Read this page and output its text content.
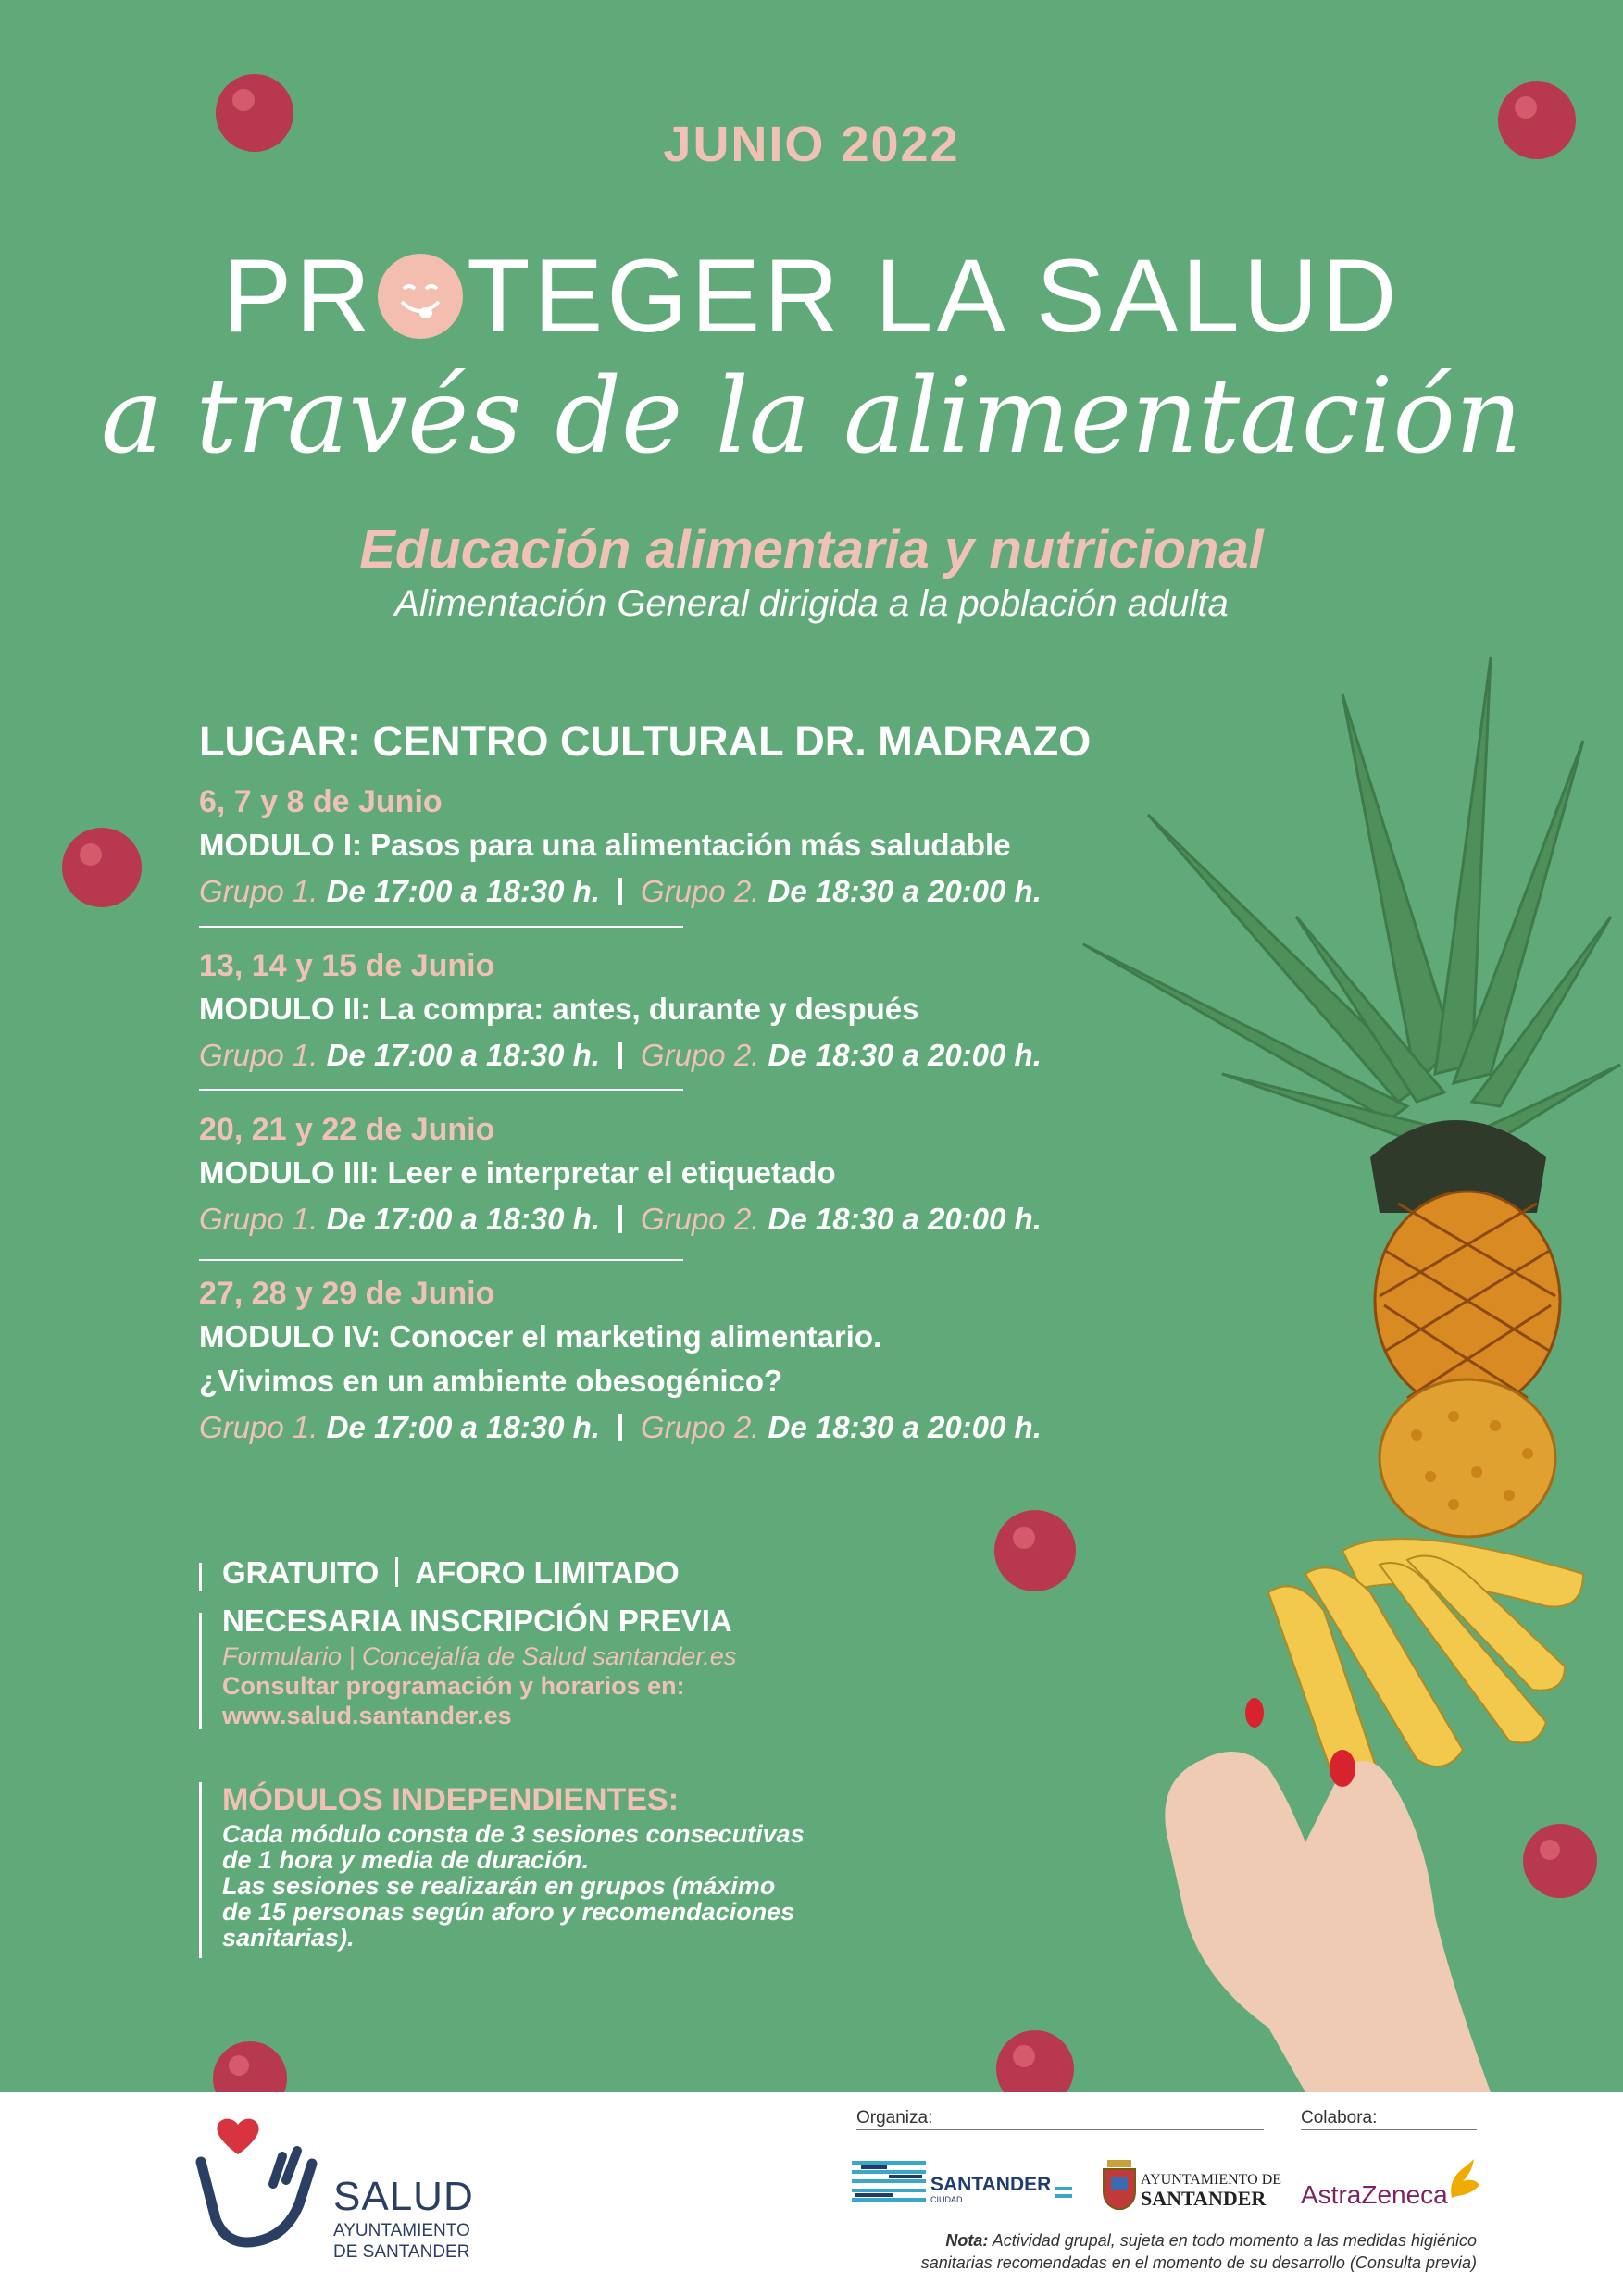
JUNIO 2022
PR TEGER LA SALUD
a través de la alimentación
Educación alimentaria y nutricional
Alimentación General dirigida a la población adulta
LUGAR: CENTRO CULTURAL DR. MADRAZO
6, 7 y 8 de Junio
MODULO I: Pasos para una alimentación más saludable
Grupo 1. De 17:00 a 18:30 h. Grupo 2. De 18:30 a 20:00 h.
13, 14 y 15 de Junio
MODULO II: La compra: antes, durante y después
Grupo 1. De 17:00 a 18:30 h. Grupo 2. De 18:30 a 20:00 h.
20, 21 y 22 de Junio
MODULO III: Leer e interpretar el etiquetado
Grupo 1. De 17:00 a 18:30 h. Grupo 2. De 18:30 a 20:00 h.
27, 28 y 29 de Junio
MODULO IV: Conocer el marketing alimentario.
¿Vivimos en un ambiente obesogénico?
Grupo 1. De 17:00 a 18:30 h. Grupo 2. De 18:30 a 20:00 h.
GRATUITO AFORO LIMITADO
NECESARIA INSCRIPCIÓN PREVIA
Formulario | Concejalía de Salud santander.es
Consultar programación y horarios en:
www.salud.santander.es
MÓDULOS INDEPENDIENTES:
Cada módulo consta de 3 sesiones consecutivas
de 1 hora y media de duración.
Las sesiones se realizarán en grupos (máximo
de 15 personas según aforo y recomendaciones
sanitarias).
SALUD
AYUNTAMIENTO
DE SANTANDER
Organiza:	Colabora:
SANTANDER
CIUDAD
AYUNTAMIENTO DE
SANTANDER AstraZeneca
Nota: Actividad grupal, sujeta en todo momento a las medidas higiénico
sanitarias recomendadas en el momento de su desarrollo (Consulta previa)
